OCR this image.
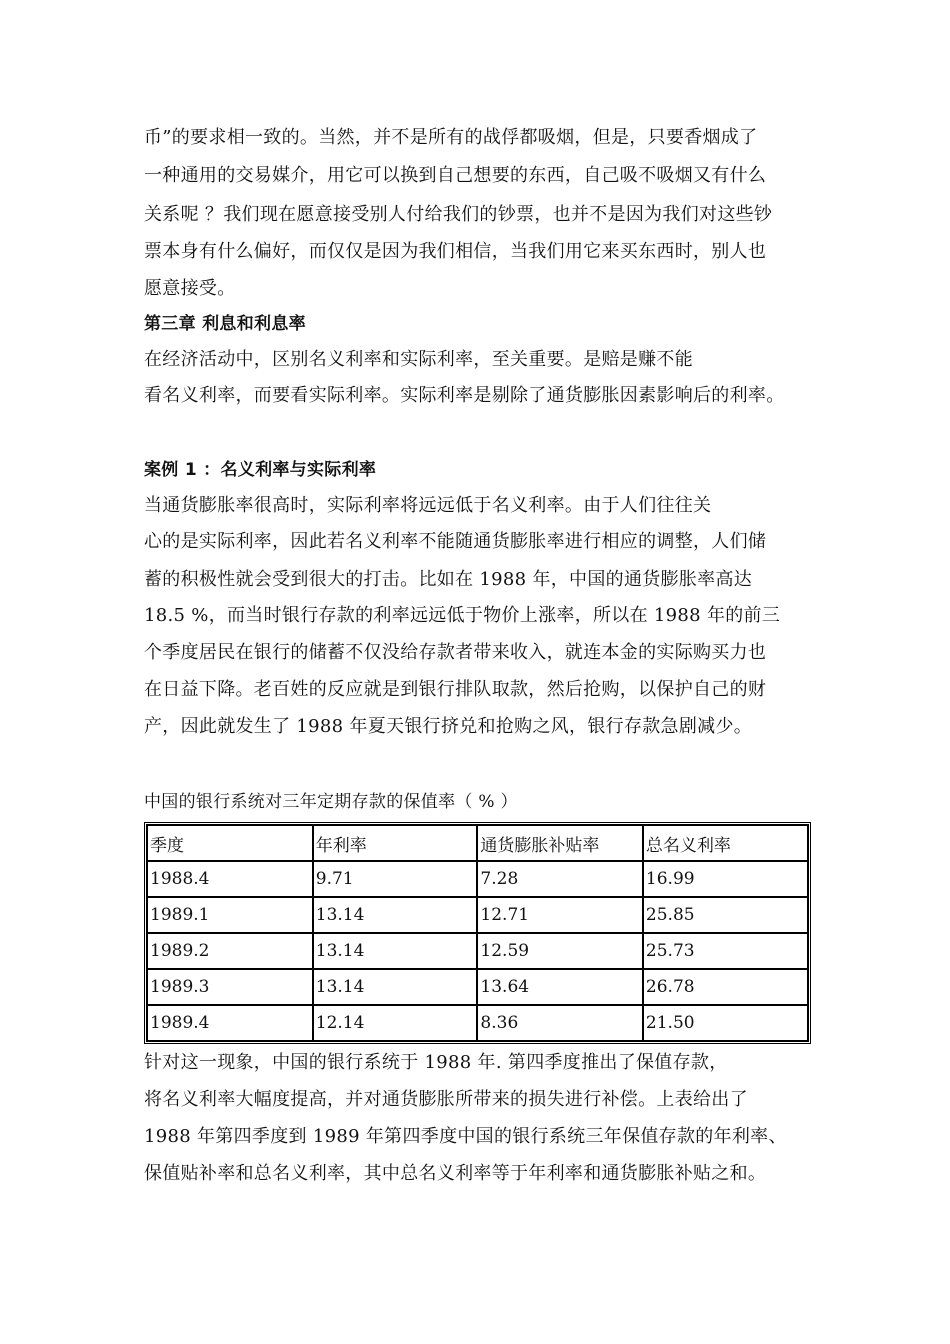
币”的要求相一致的。当然，并不是所有的战俘都吸烟，但是，只要香烟成了
一种通用的交易媒介，用它可以换到自己想要的东西，自己吸不吸烟又有什么
关系呢 ？我们现在愿意接受别人付给我们的钞票，也并不是因为我们对这些钞
票本身有什么偏好，而仅仅是因为我们相信，当我们用它来买东西时，别人也
愿意接受。
第三章 利息和利息率
在经济活动中，区别名义利率和实际利率，至关重要。是赔是赚不能
看名义利率，而要看实际利率。实际利率是剔除了通货膨胀因素影响后的利率。
案例 1 ：名义利率与实际利率
当通货膨胀率很高时，实际利率将远远低于名义利率。由于人们往往关
心的是实际利率，因此若名义利率不能随通货膨胀率进行相应的调整，人们储
蓄的积极性就会受到很大的打击。比如在 1988 年，中国的通货膨胀率高达
18.5 %，而当时银行存款的利率远远低于物价上涨率，所以在 1988 年的前三
个季度居民在银行的储蓄不仅没给存款者带来收入，就连本金的实际购买力也
在日益下降。老百姓的反应就是到银行排队取款，然后抢购，以保护自己的财
产，因此就发生了 1988 年夏天银行挤兑和抢购之风，银行存款急剧减少。
中国的银行系统对三年定期存款的保值率（ % ）
季度	年利率	通货膨胀补贴率	总名义利率
1988.4	9.71	7.28	16.99
1989.1	13.14	12.71	25.85
1989.2	13.14	12.59	25.73
1989.3	13.14	13.64	26.78
1989.4	12.14	8.36	21.50
针对这一现象，中国的银行系统于 1988 年. 第四季度推出了保值存款，
将名义利率大幅度提高，并对通货膨胀所带来的损失进行补偿。上表给出了
1988 年第四季度到 1989 年第四季度中国的银行系统三年保值存款的年利率、
保值贴补率和总名义利率，其中总名义利率等于年利率和通货膨胀补贴之和。
